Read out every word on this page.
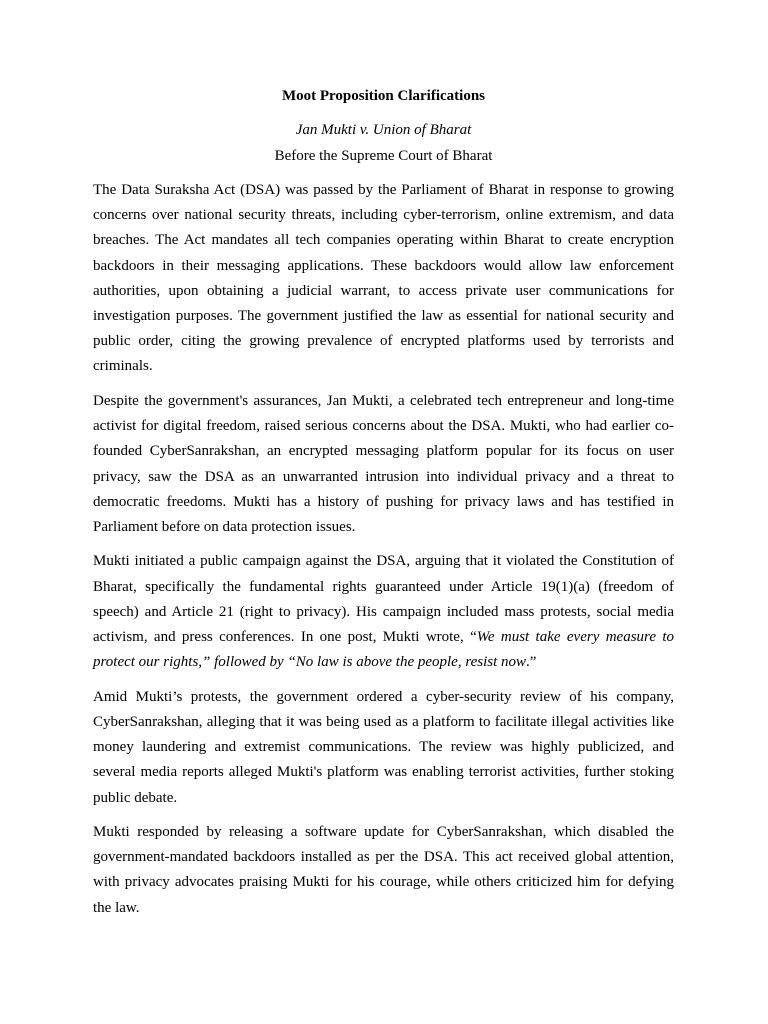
Moot Proposition Clarifications
Jan Mukti v. Union of Bharat
Before the Supreme Court of Bharat

The Data Suraksha Act (DSA) was passed by the Parliament of Bharat in response to growing concerns over national security threats, including cyber-terrorism, online extremism, and data breaches. The Act mandates all tech companies operating within Bharat to create encryption backdoors in their messaging applications. These backdoors would allow law enforcement authorities, upon obtaining a judicial warrant, to access private user communications for investigation purposes. The government justified the law as essential for national security and public order, citing the growing prevalence of encrypted platforms used by terrorists and criminals.

Despite the government's assurances, Jan Mukti, a celebrated tech entrepreneur and long-time activist for digital freedom, raised serious concerns about the DSA. Mukti, who had earlier co-founded CyberSanrakshan, an encrypted messaging platform popular for its focus on user privacy, saw the DSA as an unwarranted intrusion into individual privacy and a threat to democratic freedoms. Mukti has a history of pushing for privacy laws and has testified in Parliament before on data protection issues.

Mukti initiated a public campaign against the DSA, arguing that it violated the Constitution of Bharat, specifically the fundamental rights guaranteed under Article 19(1)(a) (freedom of speech) and Article 21 (right to privacy). His campaign included mass protests, social media activism, and press conferences. In one post, Mukti wrote, “We must take every measure to protect our rights,” followed by “No law is above the people, resist now.”

Amid Mukti’s protests, the government ordered a cyber-security review of his company, CyberSanrakshan, alleging that it was being used as a platform to facilitate illegal activities like money laundering and extremist communications. The review was highly publicized, and several media reports alleged Mukti's platform was enabling terrorist activities, further stoking public debate.

Mukti responded by releasing a software update for CyberSanrakshan, which disabled the government-mandated backdoors installed as per the DSA. This act received global attention, with privacy advocates praising Mukti for his courage, while others criticized him for defying the law.
